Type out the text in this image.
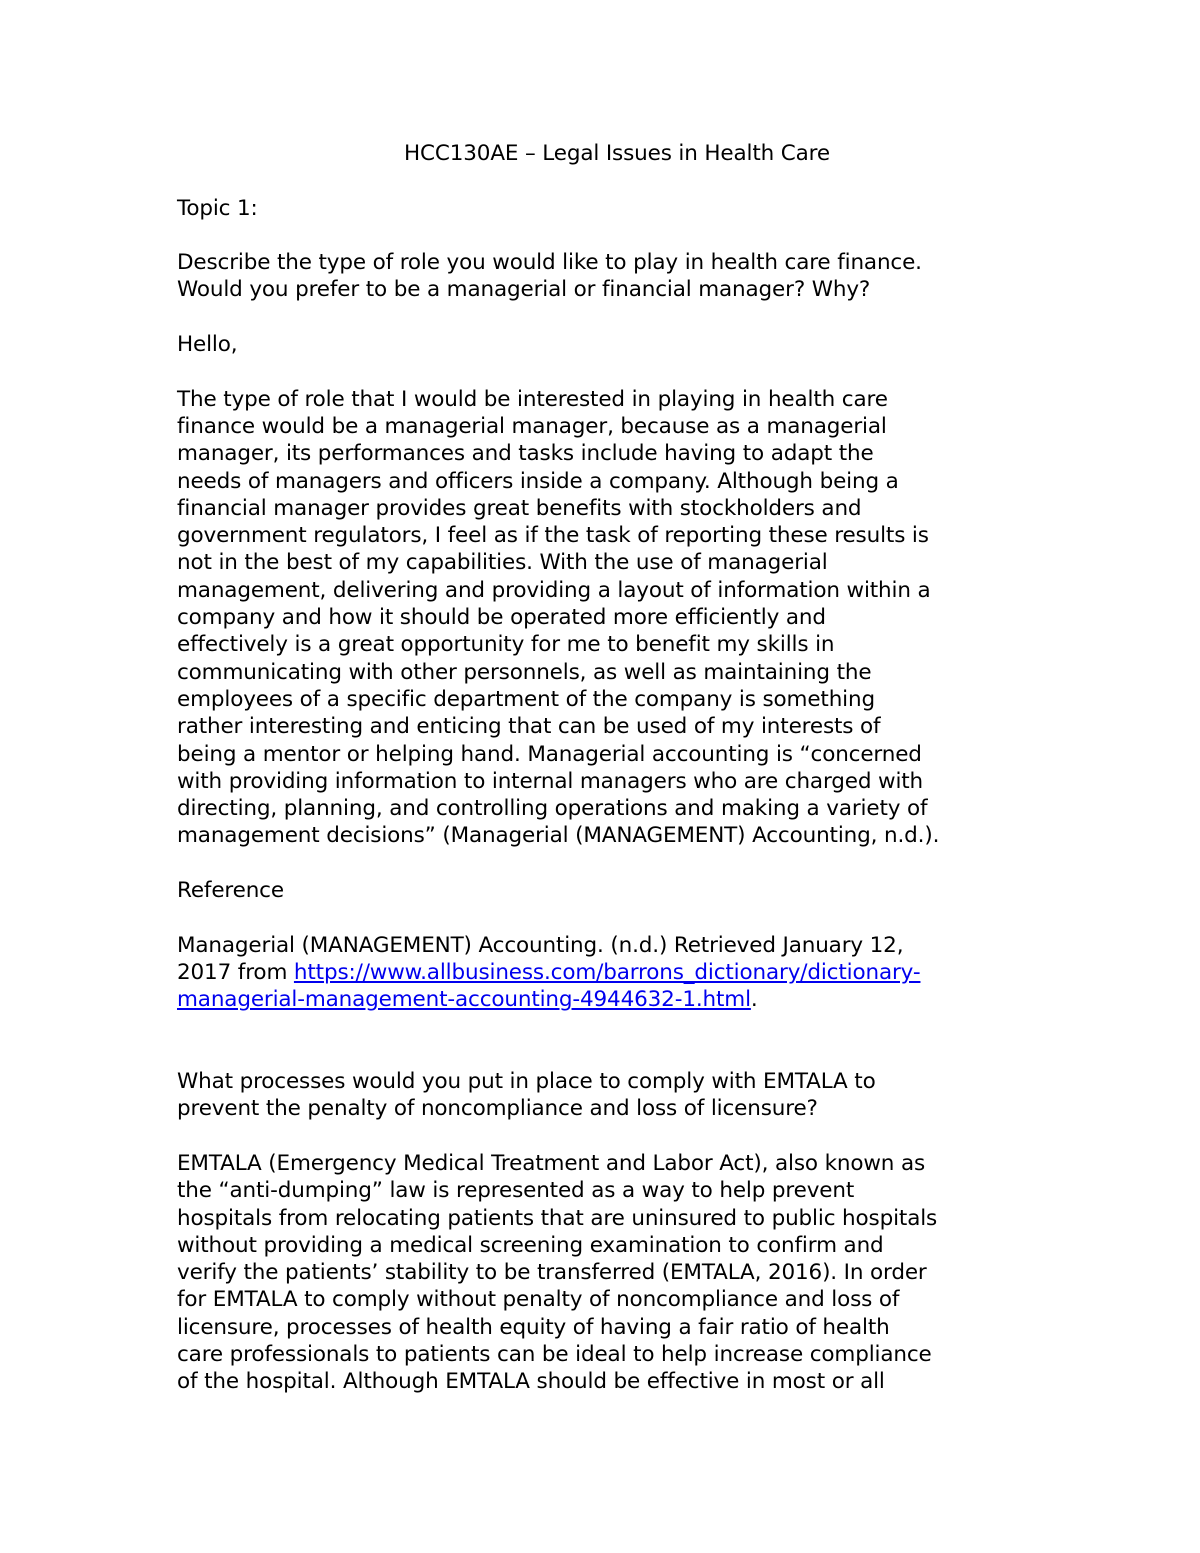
HCC130AE – Legal Issues in Health Care

Topic 1:

Describe the type of role you would like to play in health care finance.
Would you prefer to be a managerial or financial manager? Why?

Hello,

The type of role that I would be interested in playing in health care
finance would be a managerial manager, because as a managerial
manager, its performances and tasks include having to adapt the
needs of managers and officers inside a company. Although being a
financial manager provides great benefits with stockholders and
government regulators, I feel as if the task of reporting these results is
not in the best of my capabilities. With the use of managerial
management, delivering and providing a layout of information within a
company and how it should be operated more efficiently and
effectively is a great opportunity for me to benefit my skills in
communicating with other personnels, as well as maintaining the
employees of a specific department of the company is something
rather interesting and enticing that can be used of my interests of
being a mentor or helping hand. Managerial accounting is “concerned
with providing information to internal managers who are charged with
directing, planning, and controlling operations and making a variety of
management decisions” (Managerial (MANAGEMENT) Accounting, n.d.).

Reference

Managerial (MANAGEMENT) Accounting. (n.d.) Retrieved January 12,
2017 from https://www.allbusiness.com/barrons_dictionary/dictionary-
managerial-management-accounting-4944632-1.html.

What processes would you put in place to comply with EMTALA to
prevent the penalty of noncompliance and loss of licensure?

EMTALA (Emergency Medical Treatment and Labor Act), also known as
the “anti-dumping” law is represented as a way to help prevent
hospitals from relocating patients that are uninsured to public hospitals
without providing a medical screening examination to confirm and
verify the patients’ stability to be transferred (EMTALA, 2016). In order
for EMTALA to comply without penalty of noncompliance and loss of
licensure, processes of health equity of having a fair ratio of health
care professionals to patients can be ideal to help increase compliance
of the hospital. Although EMTALA should be effective in most or all
